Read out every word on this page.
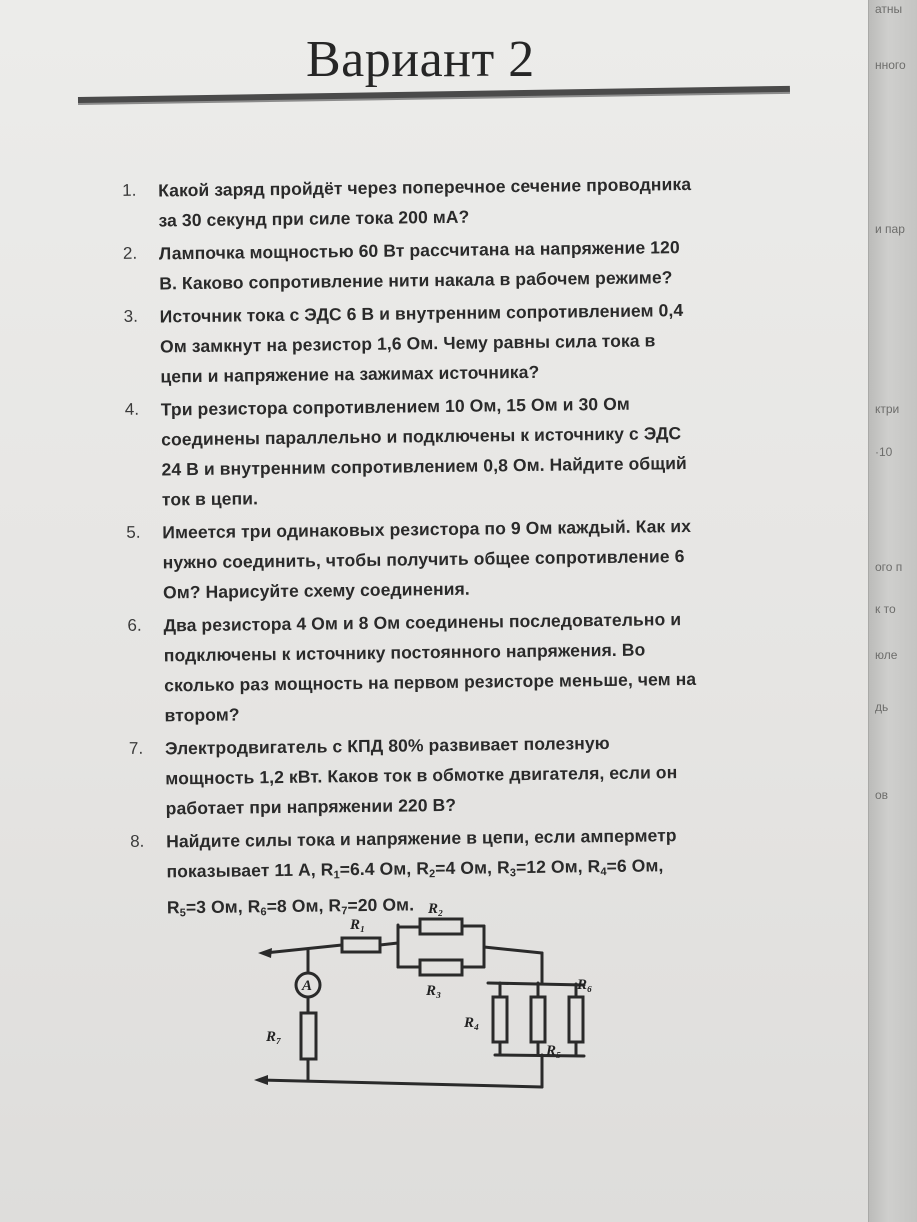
Вариант 2
1. Какой заряд пройдёт через поперечное сечение проводника
за 30 секунд при силе тока 200 мА?
2. Лампочка мощностью 60 Вт рассчитана на напряжение 120
В. Каково сопротивление нити накала в рабочем режиме?
3. Источник тока с ЭДС 6 В и внутренним сопротивлением 0,4
Ом замкнут на резистор 1,6 Ом. Чему равны сила тока в
цепи и напряжение на зажимах источника?
4. Три резистора сопротивлением 10 Ом, 15 Ом и 30 Ом
соединены параллельно и подключены к источнику с ЭДС
24 В и внутренним сопротивлением 0,8 Ом. Найдите общий
ток в цепи.
5. Имеется три одинаковых резистора по 9 Ом каждый. Как их
нужно соединить, чтобы получить общее сопротивление 6
Ом? Нарисуйте схему соединения.
6. Два резистора 4 Ом и 8 Ом соединены последовательно и
подключены к источнику постоянного напряжения. Во
сколько раз мощность на первом резисторе меньше, чем на
втором?
7. Электродвигатель с КПД 80% развивает полезную
мощность 1,2 кВт. Каков ток в обмотке двигателя, если он
работает при напряжении 220 В?
8. Найдите силы тока и напряжение в цепи, если амперметр
показывает 11 А, $R_1=6.4$ Ом, $R_2=4$ Ом, $R_3=12$ Ом, $R_4=6$ Ом,
$R_5=3$ Ом, $R_6=8$ Ом, $R_7=20$ Ом.
A
R₁
R₂
R₃
R₄
R₅
R₆
R₇
атны
нного
и пар
ктри
·10
ого п
к то
юле
дь
ов
